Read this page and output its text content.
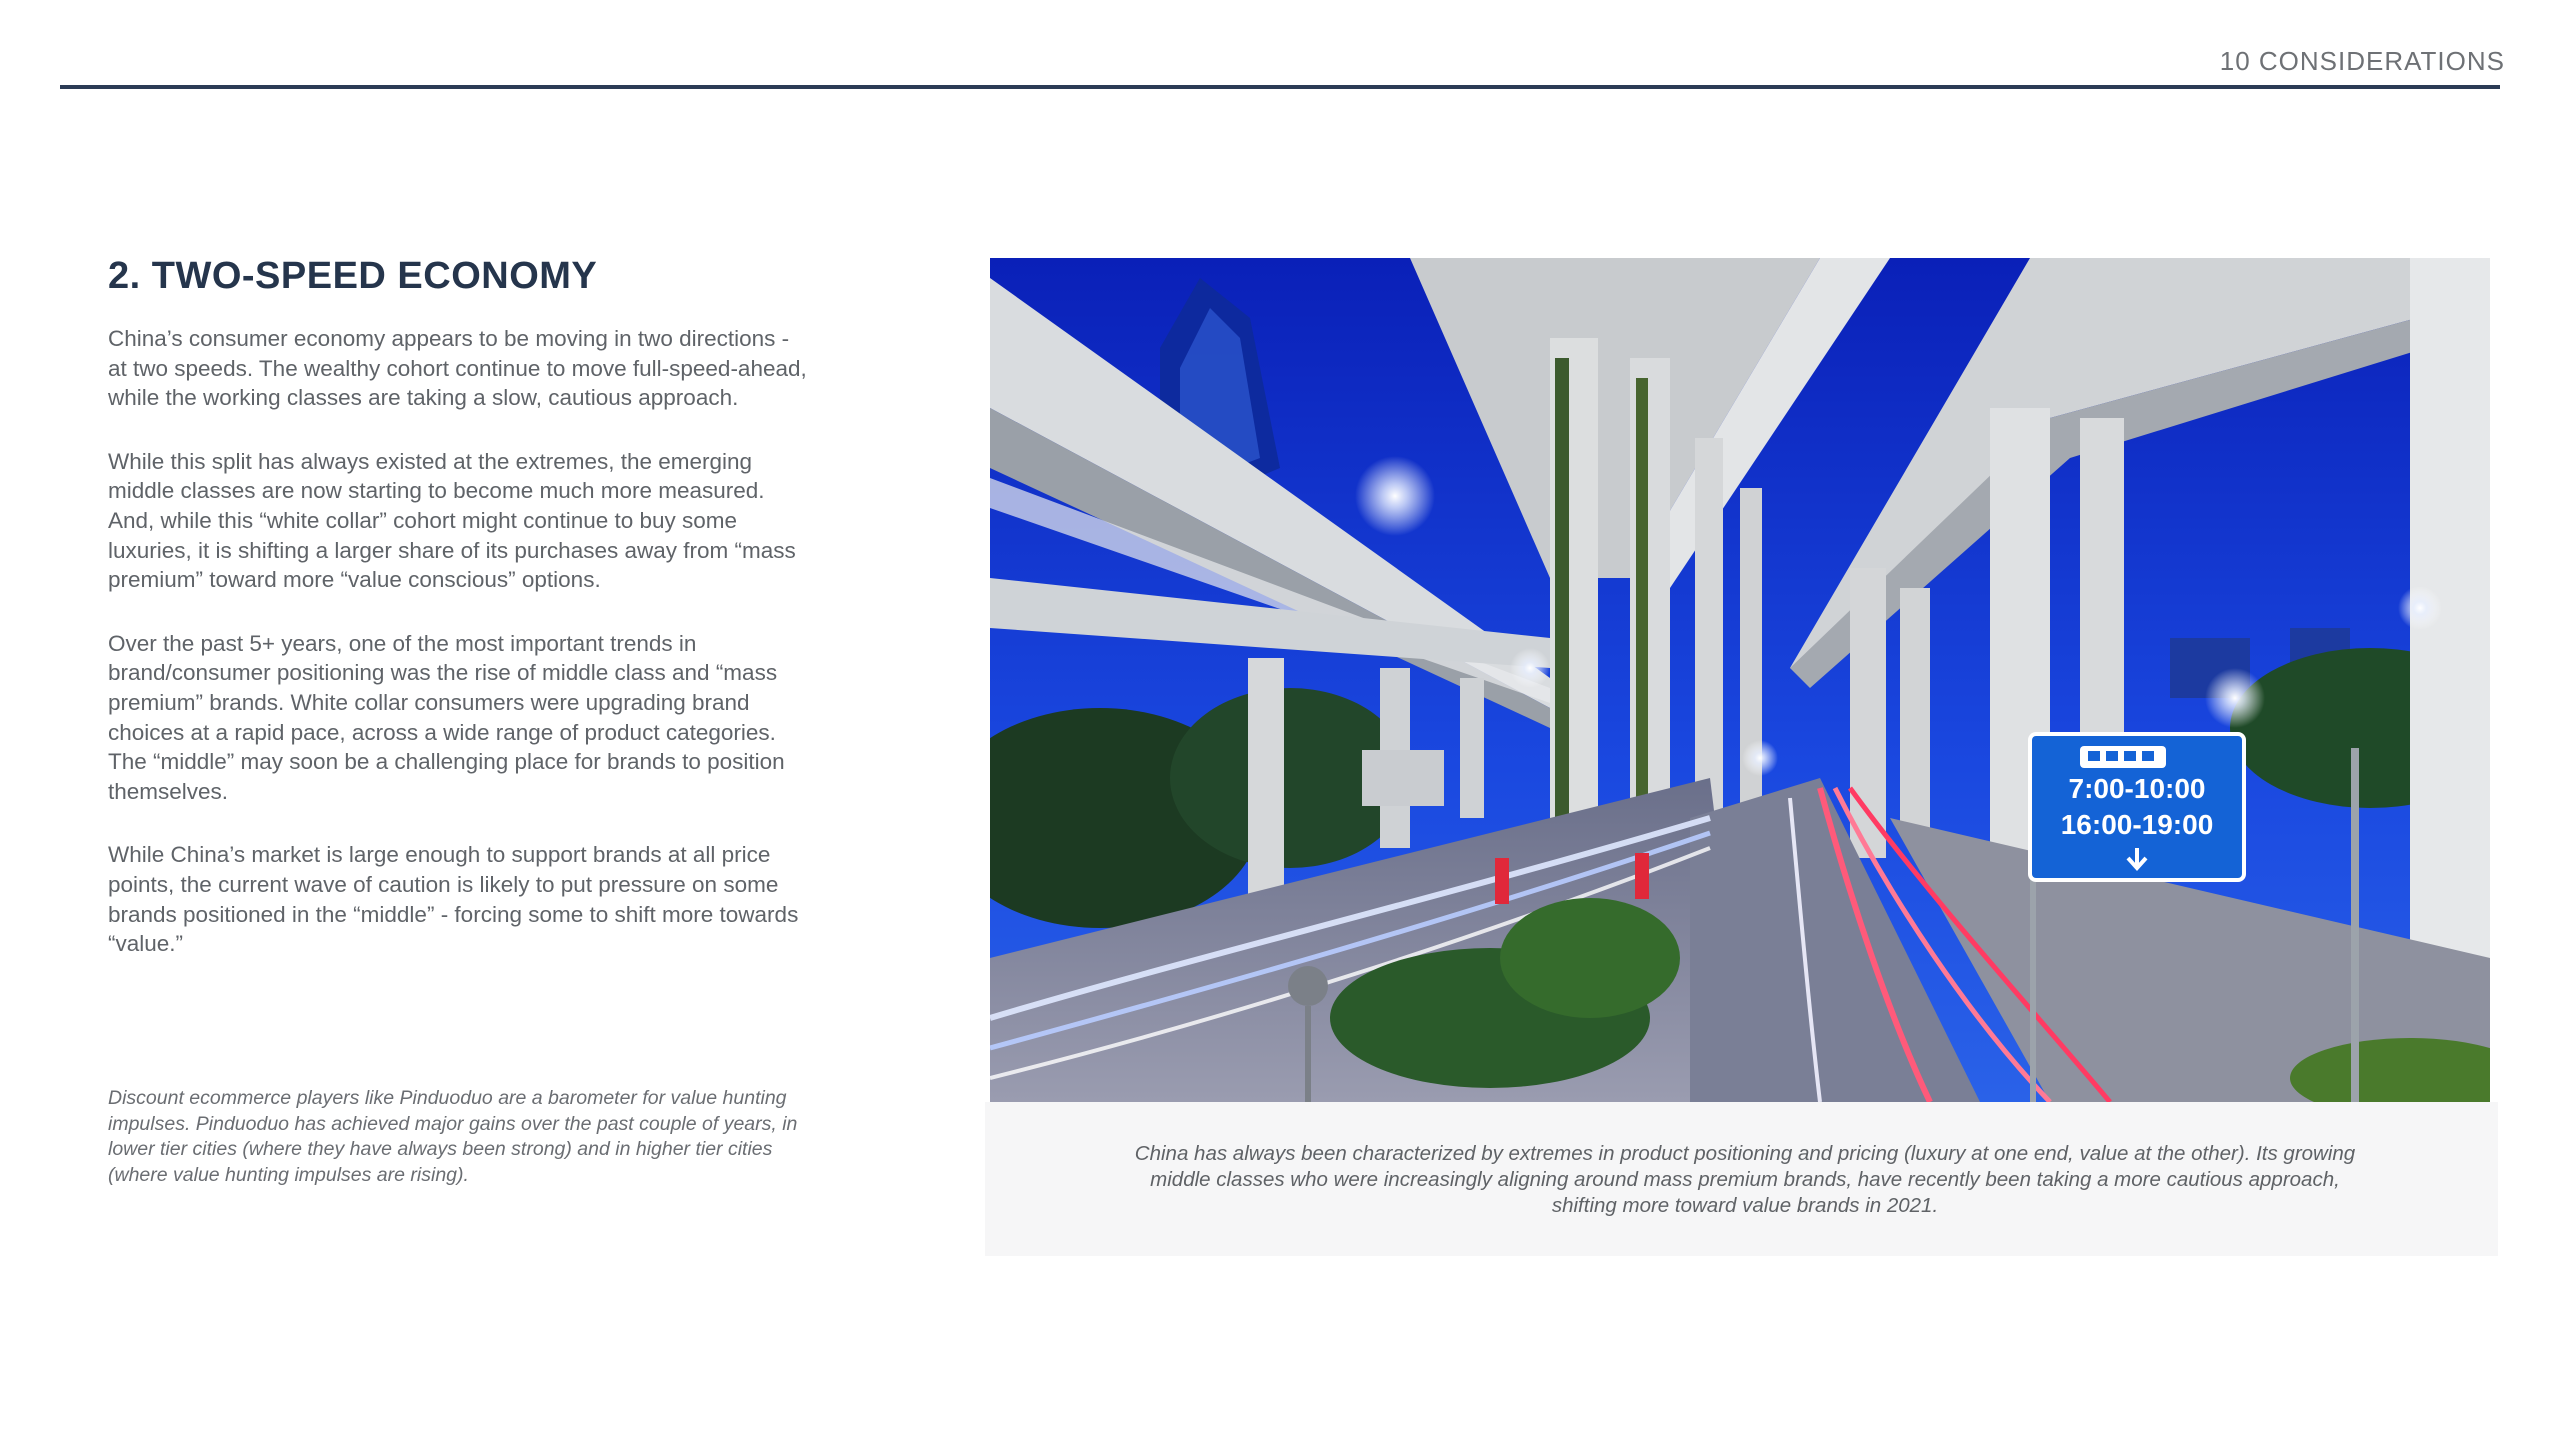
10 CONSIDERATIONS
2. TWO-SPEED ECONOMY

China’s consumer economy appears to be moving in two directions - at two speeds. The wealthy cohort continue to move full-speed-ahead, while the working classes are taking a slow, cautious approach.

While this split has always existed at the extremes, the emerging middle classes are now starting to become much more measured. And, while this “white collar” cohort might continue to buy some luxuries, it is shifting a larger share of its purchases away from “mass premium” toward more “value conscious” options.

Over the past 5+ years, one of the most important trends in brand/consumer positioning was the rise of middle class and “mass premium” brands. White collar consumers were upgrading brand choices at a rapid pace, across a wide range of product categories. The “middle” may soon be a challenging place for brands to position themselves.

While China’s market is large enough to support brands at all price points, the current wave of caution is likely to put pressure on some brands positioned in the “middle” - forcing some to shift more towards “value.”

Discount ecommerce players like Pinduoduo are a barometer for value hunting impulses. Pinduoduo has achieved major gains over the past couple of years, in lower tier cities (where they have always been strong) and in higher tier cities (where value hunting impulses are rising).

7:00-10:00
16:00-19:00

China has always been characterized by extremes in product positioning and pricing (luxury at one end, value at the other). Its growing middle classes who were increasingly aligning around mass premium brands, have recently been taking a more cautious approach, shifting more toward value brands in 2021.
